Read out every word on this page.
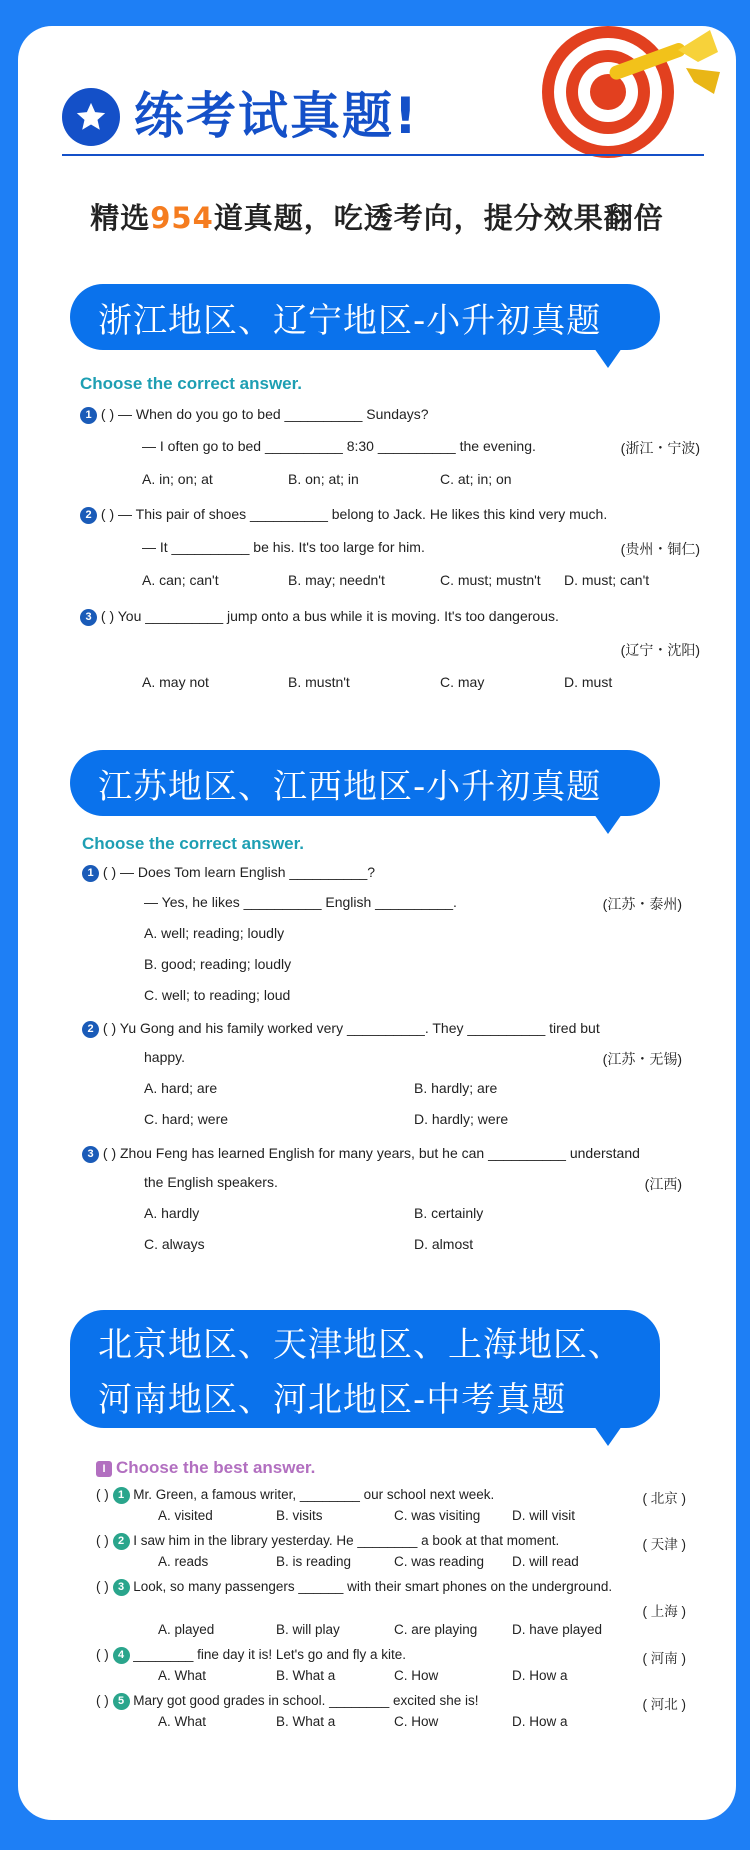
练考试真题!
精选954道真题，吃透考向，提分效果翻倍
浙江地区、辽宁地区-小升初真题
Choose the correct answer.
1 ( ) — When do you go to bed __________ Sundays?
— I often go to bed __________ 8:30 __________ the evening.	(浙江・宁波)
A. in; on; at	B. on; at; in	C. at; in; on
2 ( ) — This pair of shoes __________ belong to Jack. He likes this kind very much.
— It __________ be his. It's too large for him.	(贵州・铜仁)
A. can; can't	B. may; needn't	C. must; mustn't D. must; can't
3 ( ) You __________ jump onto a bus while it is moving. It's too dangerous.
(辽宁・沈阳)
A. may not	B. mustn't	C. may	D. must
江苏地区、江西地区-小升初真题
Choose the correct answer.
1 ( ) — Does Tom learn English __________?
— Yes, he likes __________ English __________.	(江苏・泰州)
A. well; reading; loudly
B. good; reading; loudly
C. well; to reading; loud
2 ( ) Yu Gong and his family worked very __________. They __________ tired but
happy.	(江苏・无锡)
A. hard; are	B. hardly; are
C. hard; were	D. hardly; were
3 ( ) Zhou Feng has learned English for many years, but he can __________ understand
the English speakers.	(江西)
A. hardly	B. certainly
C. always	D. almost
北京地区、天津地区、上海地区、
河南地区、河北地区-中考真题
I Choose the best answer.
( ) 1 Mr. Green, a famous writer, ________ our school next week.	( 北京 )
A. visited	B. visits	C. was visiting D. will visit
( ) 2 I saw him in the library yesterday. He ________ a book at that moment.	( 天津 )
A. reads	B. is reading	C. was reading D. will read
( ) 3 Look, so many passengers ______ with their smart phones on the underground.
( 上海 )
A. played	B. will play	C. are playing	D. have played
( ) 4 ________ fine day it is! Let's go and fly a kite.	( 河南 )
A. What	B. What a	C. How	D. How a
( ) 5 Mary got good grades in school. ________ excited she is!	( 河北 )
A. What	B. What a	C. How	D. How a
